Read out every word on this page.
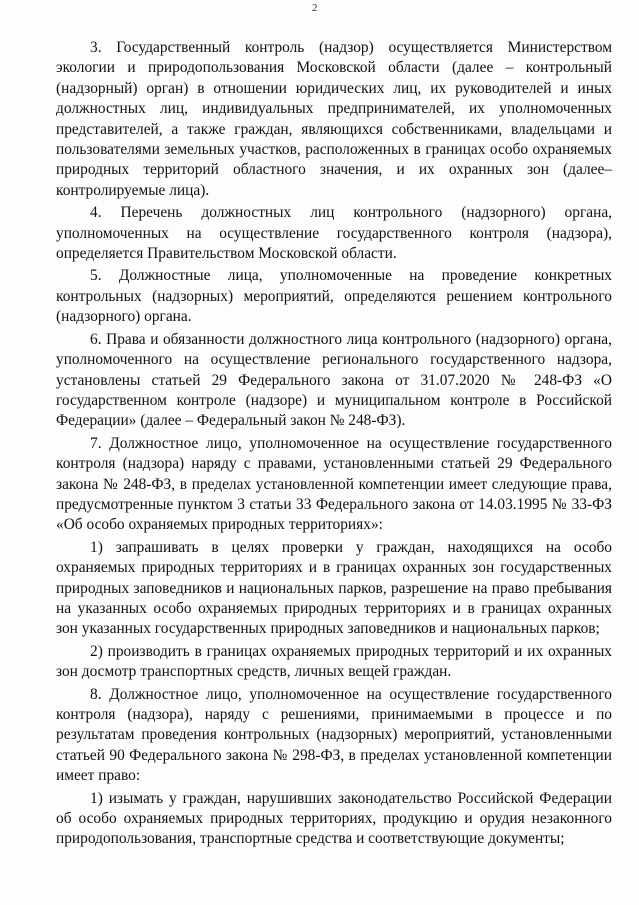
2

3. Государственный контроль (надзор) осуществляется Министерством экологии и природопользования Московской области (далее – контрольный (надзорный) орган) в отношении юридических лиц, их руководителей и иных должностных лиц, индивидуальных предпринимателей, их уполномоченных представителей, а также граждан, являющихся собственниками, владельцами и пользователями земельных участков, расположенных в границах особо охраняемых природных территорий областного значения, и их охранных зон (далее– контролируемые лица).

4. Перечень должностных лиц контрольного (надзорного) органа, уполномоченных на осуществление государственного контроля (надзора), определяется Правительством Московской области.

5. Должностные лица, уполномоченные на проведение конкретных контрольных (надзорных) мероприятий, определяются решением контрольного (надзорного) органа.

6. Права и обязанности должностного лица контрольного (надзорного) органа, уполномоченного на осуществление регионального государственного надзора, установлены статьей 29 Федерального закона от 31.07.2020 № 248-ФЗ «О государственном контроле (надзоре) и муниципальном контроле в Российской Федерации» (далее – Федеральный закон № 248-ФЗ).

7. Должностное лицо, уполномоченное на осуществление государственного контроля (надзора) наряду с правами, установленными статьей 29 Федерального закона № 248-ФЗ, в пределах установленной компетенции имеет следующие права, предусмотренные пунктом 3 статьи 33 Федерального закона от 14.03.1995 № 33-ФЗ «Об особо охраняемых природных территориях»:

1) запрашивать в целях проверки у граждан, находящихся на особо охраняемых природных территориях и в границах охранных зон государственных природных заповедников и национальных парков, разрешение на право пребывания на указанных особо охраняемых природных территориях и в границах охранных зон указанных государственных природных заповедников и национальных парков;

2) производить в границах охраняемых природных территорий и их охранных зон досмотр транспортных средств, личных вещей граждан.

8. Должностное лицо, уполномоченное на осуществление государственного контроля (надзора), наряду с решениями, принимаемыми в процессе и по результатам проведения контрольных (надзорных) мероприятий, установленными статьей 90 Федерального закона № 298-ФЗ, в пределах установленной компетенции имеет право:

1) изымать у граждан, нарушивших законодательство Российской Федерации об особо охраняемых природных территориях, продукцию и орудия незаконного природопользования, транспортные средства и соответствующие документы;
